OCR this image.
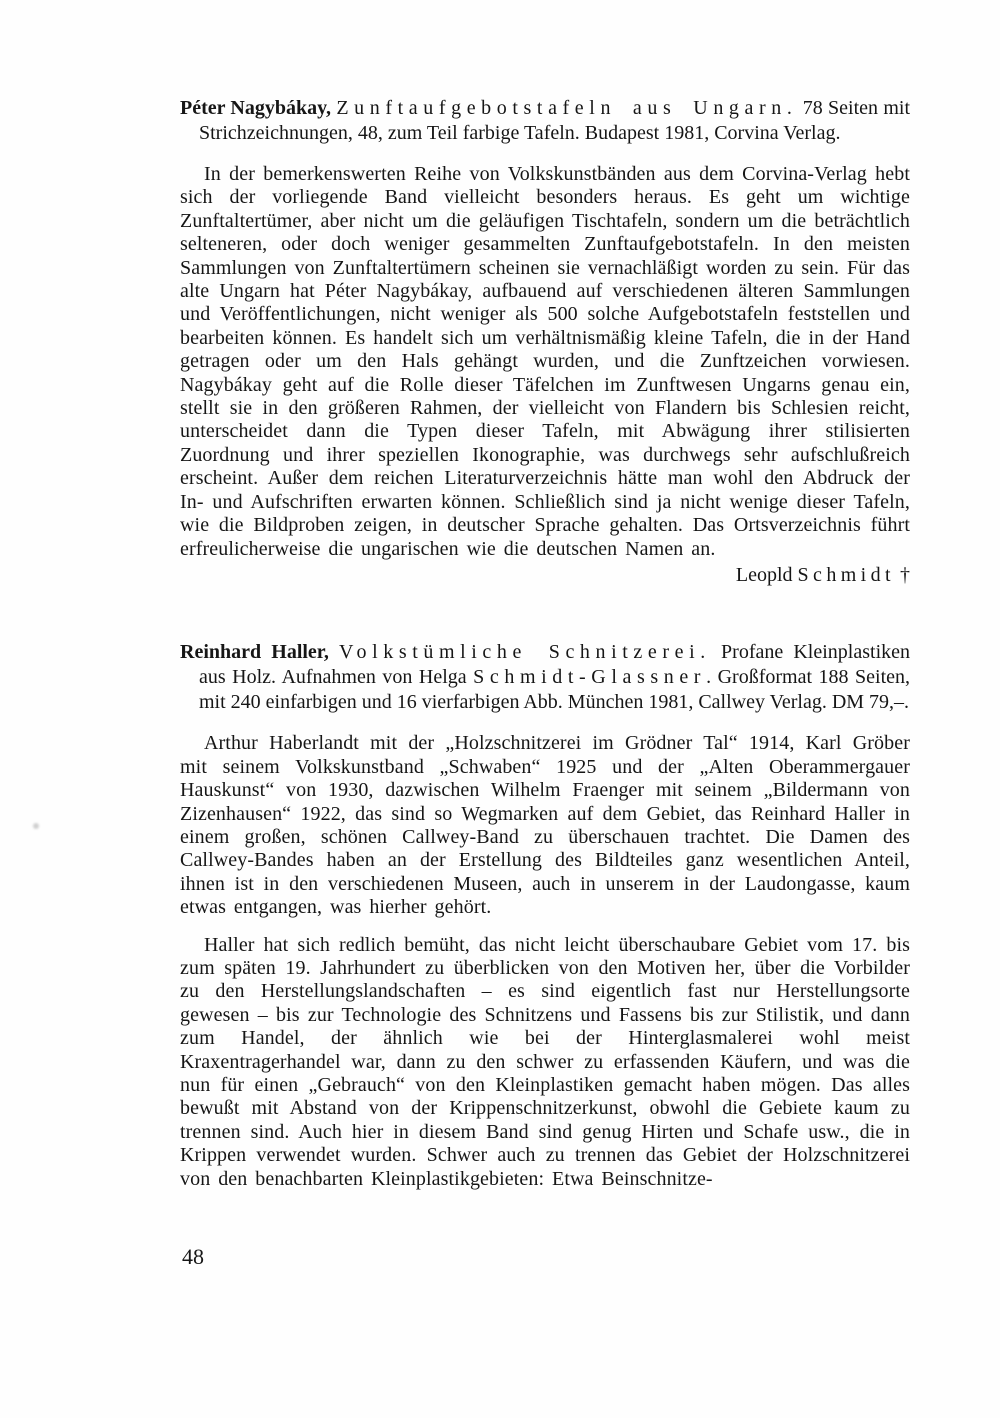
Péter Nagybákay, Zunftaufgebotstafeln aus Ungarn. 78 Seiten mit Strichzeichnungen, 48, zum Teil farbige Tafeln. Budapest 1981, Corvina Verlag.

In der bemerkenswerten Reihe von Volkskunstbänden aus dem Corvina-Verlag hebt sich der vorliegende Band vielleicht besonders heraus. Es geht um wichtige Zunftaltertümer, aber nicht um die geläufigen Tischtafeln, sondern um die beträchtlich selteneren, oder doch weniger gesammelten Zunftaufgebotstafeln. In den meisten Sammlungen von Zunftaltertümern scheinen sie vernachläßigt worden zu sein. Für das alte Ungarn hat Péter Nagybákay, aufbauend auf verschiedenen älteren Sammlungen und Veröffentlichungen, nicht weniger als 500 solche Aufgebotstafeln feststellen und bearbeiten können. Es handelt sich um verhältnismäßig kleine Tafeln, die in der Hand getragen oder um den Hals gehängt wurden, und die Zunftzeichen vorwiesen. Nagybákay geht auf die Rolle dieser Täfelchen im Zunftwesen Ungarns genau ein, stellt sie in den größeren Rahmen, der vielleicht von Flandern bis Schlesien reicht, unterscheidet dann die Typen dieser Tafeln, mit Abwägung ihrer stilisierten Zuordnung und ihrer speziellen Ikonographie, was durchwegs sehr aufschlußreich erscheint. Außer dem reichen Literaturverzeichnis hätte man wohl den Abdruck der In- und Aufschriften erwarten können. Schließlich sind ja nicht wenige dieser Tafeln, wie die Bildproben zeigen, in deutscher Sprache gehalten. Das Ortsverzeichnis führt erfreulicherweise die ungarischen wie die deutschen Namen an.

Leopld Schmidt †

Reinhard Haller, Volkstümliche Schnitzerei. Profane Kleinplastiken aus Holz. Aufnahmen von Helga Schmidt-Glassner. Großformat 188 Seiten, mit 240 einfarbigen und 16 vierfarbigen Abb. München 1981, Callwey Verlag. DM 79,–.

Arthur Haberlandt mit der „Holzschnitzerei im Grödner Tal“ 1914, Karl Gröber mit seinem Volkskunstband „Schwaben“ 1925 und der „Alten Oberammergauer Hauskunst“ von 1930, dazwischen Wilhelm Fraenger mit seinem „Bildermann von Zizenhausen“ 1922, das sind so Wegmarken auf dem Gebiet, das Reinhard Haller in einem großen, schönen Callwey-Band zu überschauen trachtet. Die Damen des Callwey-Bandes haben an der Erstellung des Bildteiles ganz wesentlichen Anteil, ihnen ist in den verschiedenen Museen, auch in unserem in der Laudongasse, kaum etwas entgangen, was hierher gehört.

Haller hat sich redlich bemüht, das nicht leicht überschaubare Gebiet vom 17. bis zum späten 19. Jahrhundert zu überblicken von den Motiven her, über die Vorbilder zu den Herstellungslandschaften – es sind eigentlich fast nur Herstellungsorte gewesen – bis zur Technologie des Schnitzens und Fassens bis zur Stilistik, und dann zum Handel, der ähnlich wie bei der Hinterglasmalerei wohl meist Kraxentragerhandel war, dann zu den schwer zu erfassenden Käufern, und was die nun für einen „Gebrauch“ von den Kleinplastiken gemacht haben mögen. Das alles bewußt mit Abstand von der Krippenschnitzerkunst, obwohl die Gebiete kaum zu trennen sind. Auch hier in diesem Band sind genug Hirten und Schafe usw., die in Krippen verwendet wurden. Schwer auch zu trennen das Gebiet der Holzschnitzerei von den benachbarten Kleinplastikgebieten: Etwa Beinschnitze-

48
